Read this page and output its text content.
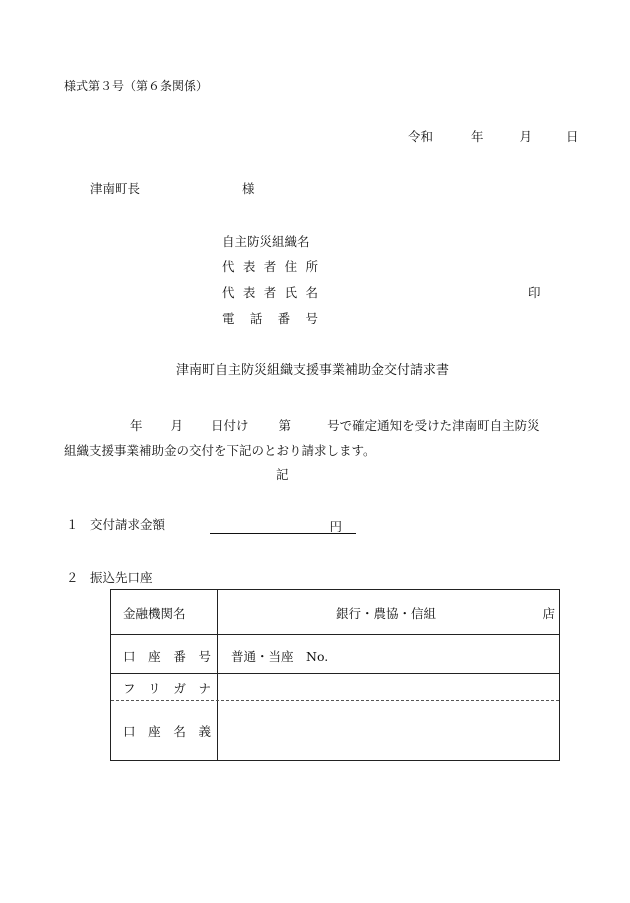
様式第３号（第６条関係）
令和	年	月	日
津南町長	様
自主防災組織名
代 表 者 住 所
代 表 者 氏 名	印
電 話 番 号
津南町自主防災組織支援事業補助金交付請求書
年 月 日付け 第	号で確定通知を受けた津南町自主防災
組織支援事業補助金の交付を下記のとおり請求します。
記
１ 交付請求金額	円
２ 振込先口座
金融機関名	銀行・農協・信組	店
口 座 番 号 普通・当座　No.
フ リ ガ ナ
口 座 名 義
